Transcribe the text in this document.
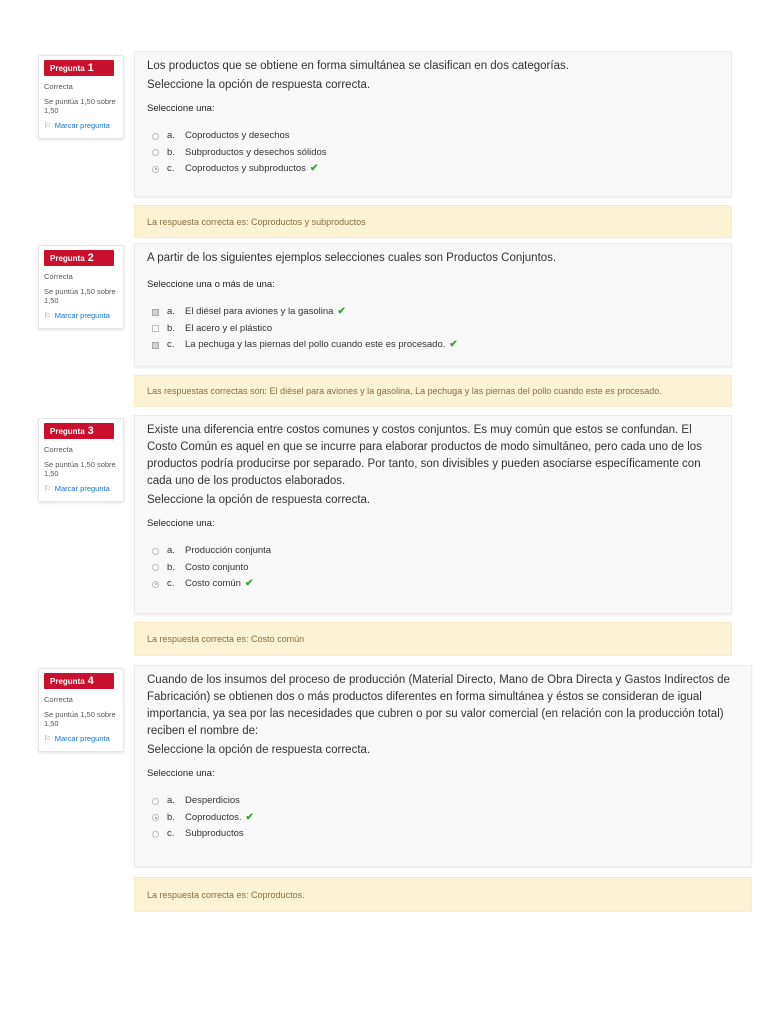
Pregunta 1
Correcta
Se puntúa 1,50 sobre 1,50
⚐ Marcar pregunta
Los productos que se obtiene en forma simultánea se clasifican en dos categorías.
Seleccione la opción de respuesta correcta.
Seleccione una:
a.	Coproductos y desechos
b.	Subproductos y desechos sólidos
c.	Coproductos y subproductos ✔
La respuesta correcta es: Coproductos y subproductos
Pregunta 2
Correcta
Se puntúa 1,50 sobre 1,50
⚐ Marcar pregunta
A partir de los siguientes ejemplos selecciones cuales son Productos Conjuntos.
Seleccione una o más de una:
a.	El diésel para aviones y la gasolina ✔
b.	El acero y el plástico
c.	La pechuga y las piernas del pollo cuando este es procesado. ✔
Las respuestas correctas son: El diésel para aviones y la gasolina, La pechuga y las piernas del pollo cuando este es procesado.
Pregunta 3
Correcta
Se puntúa 1,50 sobre 1,50
⚐ Marcar pregunta
Existe una diferencia entre costos comunes y costos conjuntos. Es muy común que estos se confundan. El Costo Común es aquel en que se incurre para elaborar productos de modo simultáneo, pero cada uno de los productos podría producirse por separado. Por tanto, son divisibles y pueden asociarse específicamente con cada uno de los productos elaborados.
Seleccione la opción de respuesta correcta.
Seleccione una:
a.	Producción conjunta
b.	Costo conjunto
c.	Costo común ✔
La respuesta correcta es: Costo común
Pregunta 4
Correcta
Se puntúa 1,50 sobre 1,50
⚐ Marcar pregunta
Cuando de los insumos del proceso de producción (Material Directo, Mano de Obra Directa y Gastos Indirectos de Fabricación) se obtienen dos o más productos diferentes en forma simultánea y éstos se consideran de igual importancia, ya sea por las necesidades que cubren o por su valor comercial (en relación con la producción total) reciben el nombre de:
Seleccione la opción de respuesta correcta.
Seleccione una:
a.	Desperdicios
b.	Coproductos. ✔
c.	Subproductos
La respuesta correcta es: Coproductos.
